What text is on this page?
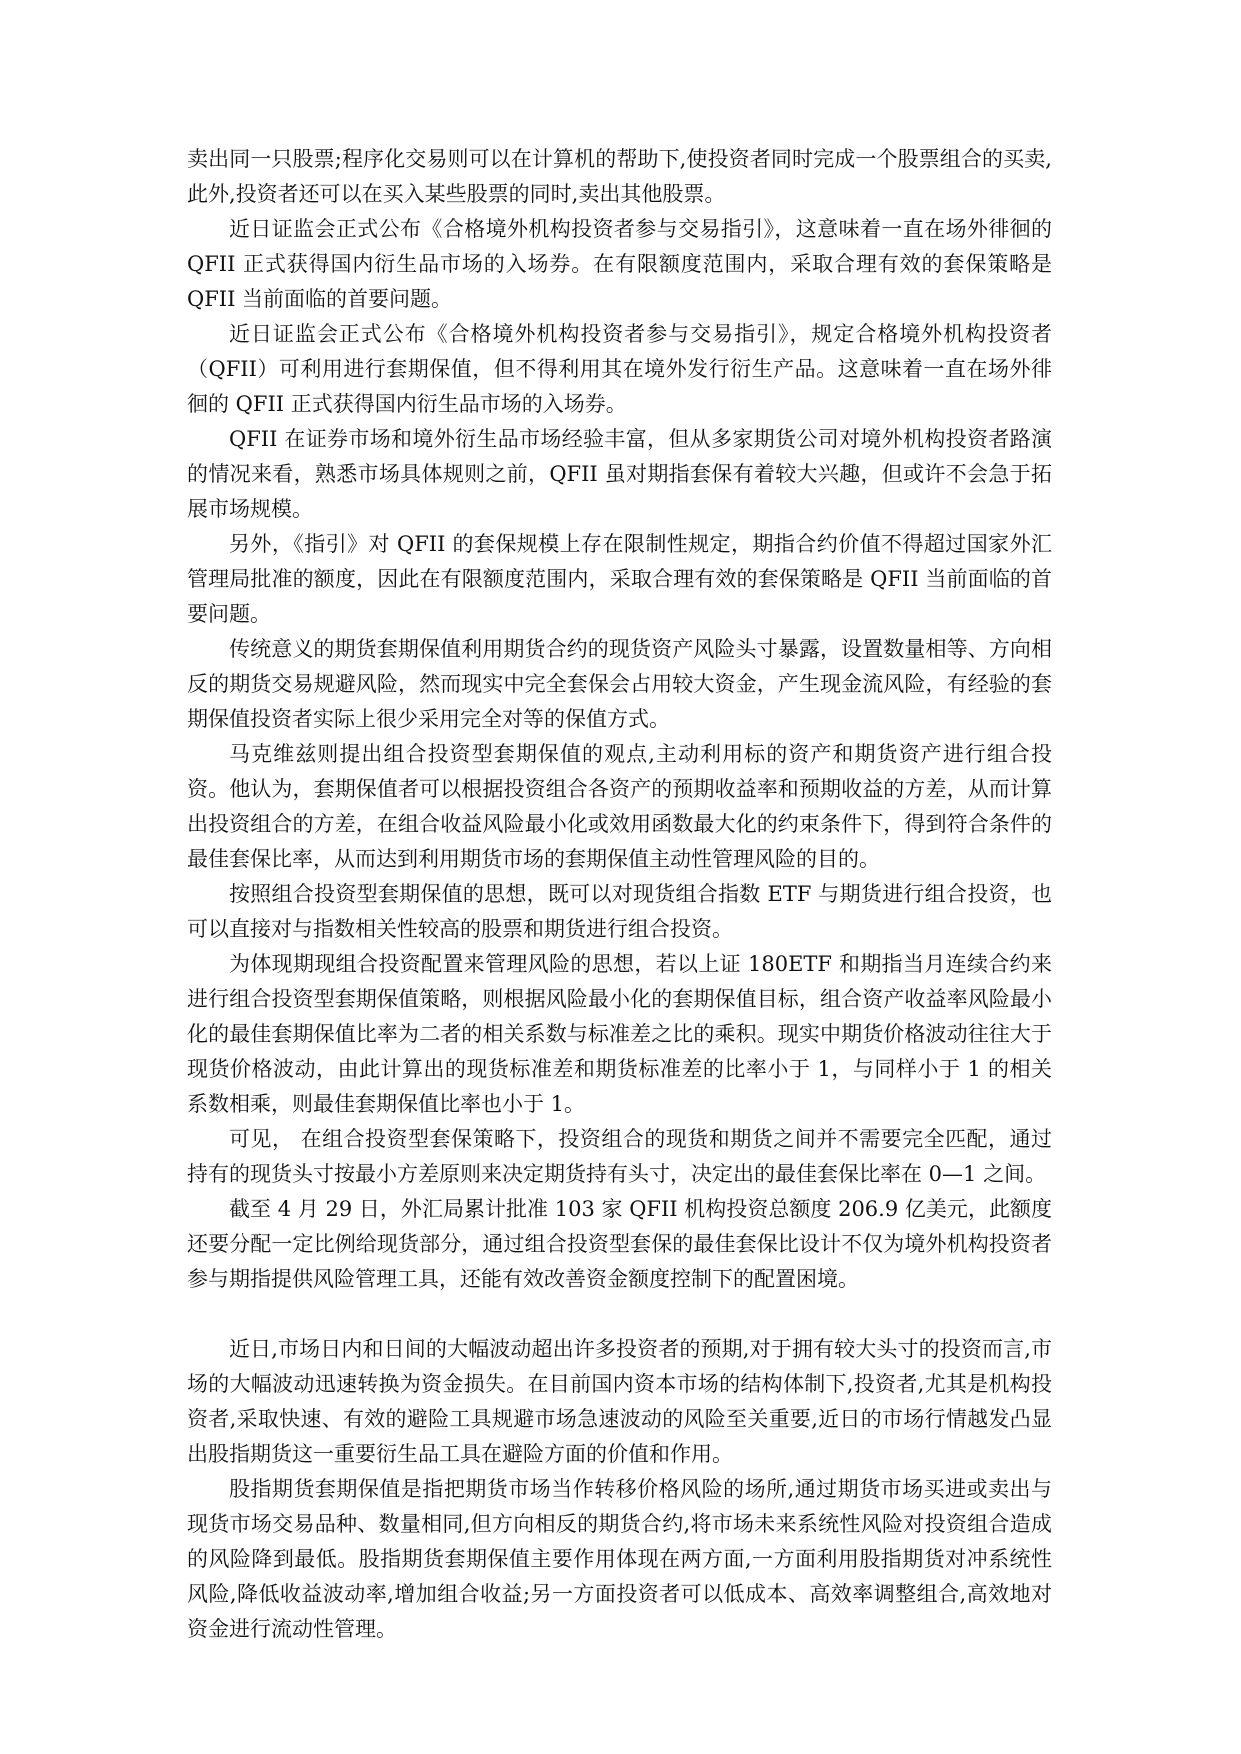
卖出同一只股票;程序化交易则可以在计算机的帮助下,使投资者同时完成一个股票组合的买卖,此外,投资者还可以在买入某些股票的同时,卖出其他股票。

近日证监会正式公布《合格境外机构投资者参与交易指引》，这意味着一直在场外徘徊的 QFII 正式获得国内衍生品市场的入场券。在有限额度范围内，采取合理有效的套保策略是 QFII 当前面临的首要问题。

近日证监会正式公布《合格境外机构投资者参与交易指引》，规定合格境外机构投资者（QFII）可利用进行套期保值，但不得利用其在境外发行衍生产品。这意味着一直在场外徘徊的 QFII 正式获得国内衍生品市场的入场券。

QFII 在证券市场和境外衍生品市场经验丰富，但从多家期货公司对境外机构投资者路演的情况来看，熟悉市场具体规则之前，QFII 虽对期指套保有着较大兴趣，但或许不会急于拓展市场规模。

另外，《指引》对 QFII 的套保规模上存在限制性规定，期指合约价值不得超过国家外汇管理局批准的额度，因此在有限额度范围内，采取合理有效的套保策略是 QFII 当前面临的首要问题。

传统意义的期货套期保值利用期货合约的现货资产风险头寸暴露，设置数量相等、方向相反的期货交易规避风险，然而现实中完全套保会占用较大资金，产生现金流风险，有经验的套期保值投资者实际上很少采用完全对等的保值方式。

马克维兹则提出组合投资型套期保值的观点,主动利用标的资产和期货资产进行组合投资。他认为，套期保值者可以根据投资组合各资产的预期收益率和预期收益的方差，从而计算出投资组合的方差，在组合收益风险最小化或效用函数最大化的约束条件下，得到符合条件的最佳套保比率，从而达到利用期货市场的套期保值主动性管理风险的目的。

按照组合投资型套期保值的思想，既可以对现货组合指数 ETF 与期货进行组合投资，也可以直接对与指数相关性较高的股票和期货进行组合投资。

为体现期现组合投资配置来管理风险的思想，若以上证 180ETF 和期指当月连续合约来进行组合投资型套期保值策略，则根据风险最小化的套期保值目标，组合资产收益率风险最小化的最佳套期保值比率为二者的相关系数与标准差之比的乘积。现实中期货价格波动往往大于现货价格波动，由此计算出的现货标准差和期货标准差的比率小于 1，与同样小于 1 的相关系数相乘，则最佳套期保值比率也小于 1。

可见， 在组合投资型套保策略下，投资组合的现货和期货之间并不需要完全匹配，通过持有的现货头寸按最小方差原则来决定期货持有头寸，决定出的最佳套保比率在 0—1 之间。

截至 4 月 29 日，外汇局累计批准 103 家 QFII 机构投资总额度 206.9 亿美元，此额度还要分配一定比例给现货部分，通过组合投资型套保的最佳套保比设计不仅为境外机构投资者参与期指提供风险管理工具，还能有效改善资金额度控制下的配置困境。

近日,市场日内和日间的大幅波动超出许多投资者的预期,对于拥有较大头寸的投资而言,市场的大幅波动迅速转换为资金损失。在目前国内资本市场的结构体制下,投资者,尤其是机构投资者,采取快速、有效的避险工具规避市场急速波动的风险至关重要,近日的市场行情越发凸显出股指期货这一重要衍生品工具在避险方面的价值和作用。

股指期货套期保值是指把期货市场当作转移价格风险的场所,通过期货市场买进或卖出与现货市场交易品种、数量相同,但方向相反的期货合约,将市场未来系统性风险对投资组合造成的风险降到最低。股指期货套期保值主要作用体现在两方面,一方面利用股指期货对冲系统性风险,降低收益波动率,增加组合收益;另一方面投资者可以低成本、高效率调整组合,高效地对资金进行流动性管理。
